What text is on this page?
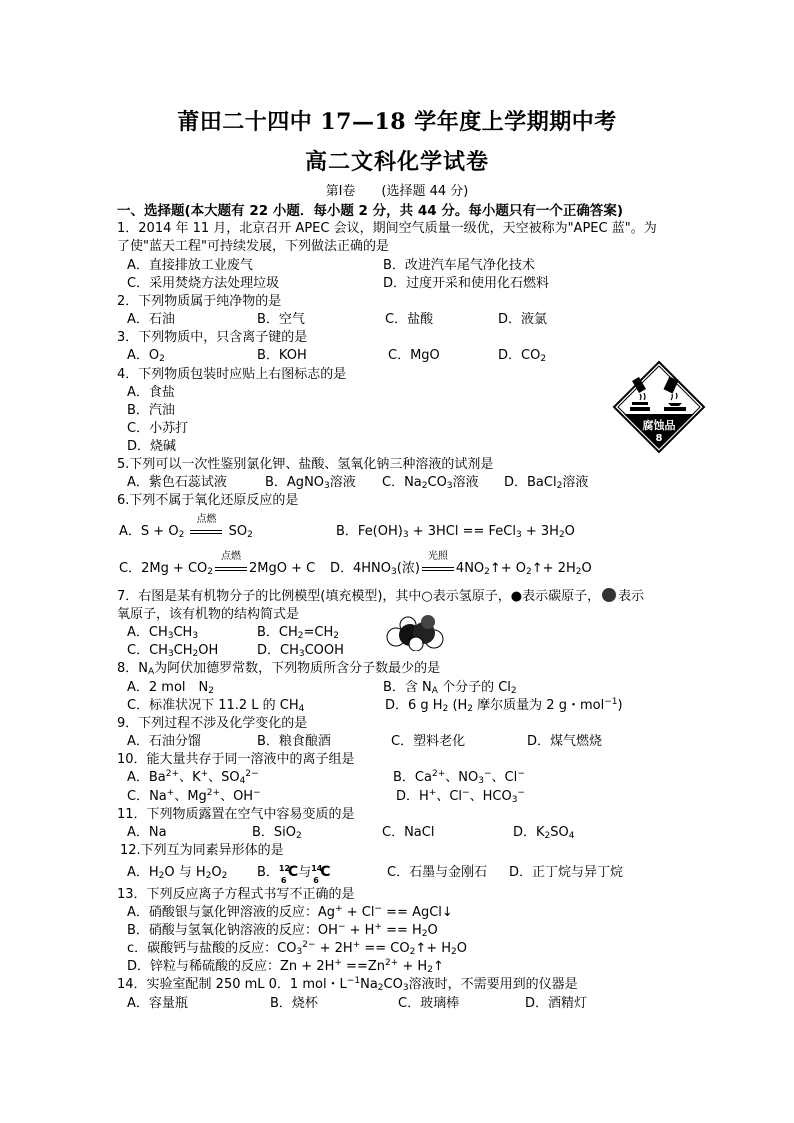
莆田二十四中 17—18 学年度上学期期中考
高二文科化学试卷
第Ⅰ卷　　(选择题 44 分)
一、选择题(本大题有 22 小题．每小题 2 分，共 44 分。每小题只有一个正确答案)
1．2014 年 11 月，北京召开 APEC 会议，期间空气质量一级优，天空被称为"APEC 蓝"。为
了使"蓝天工程"可持续发展，下列做法正确的是
A．直接排放工业废气	B．改进汽车尾气净化技术
C．采用焚烧方法处理垃圾	D．过度开采和使用化石燃料
2．下列物质属于纯净物的是
A．石油	B．空气	C．盐酸	D．液氯
3．下列物质中，只含离子键的是
A．$O_2$	B．KOH	C．MgO	D．$CO_2$
4．下列物质包装时应贴上右图标志的是
A．食盐
B．汽油
C．小苏打
D．烧碱
腐蚀品
8
5.下列可以一次性鉴别氯化钾、盐酸、氢氧化钠三种溶液的试剂是
A．紫色石蕊试液	B．AgNO$_3$溶液 C．$Na_2CO_3$溶液 D．BaCl$_2$溶液
6.下列不属于氧化还原反应的是
A．$S + O_2$
点燃
$SO_2$	B．$Fe(OH)_3 + 3HCl$ == FeCl$_3$ + $3H_2O$
C．$2Mg + CO_2$
点燃
2MgO + C D．$4HNO_3$(浓)
光照
$4NO_2↑+$ $O_2↑+ 2H_2O$
7．右图是某有机物分子的比例模型(填充模型)，其中○表示氢原子，●表示碳原子， 表示
氧原子，该有机物的结构简式是
A．$CH_3CH_3$	B．$CH_2=CH_2$
C．$CH_3CH_2OH$	D．$CH_3COOH$
8．$N_A$为阿伏加德罗常数，下列物质所含分子数最少的是
A．2 mol　$N_2$	B．含 $N_A$ 个分子的 $Cl_2$
C．标准状况下 11.2 L 的 $CH_4$	D．6 g $H_2$ ($H_2$ 摩尔质量为 2 g・mol$^{-1}$)
9．下列过程不涉及化学变化的是
A．石油分馏	B．粮食酿酒	C．塑料老化	D．煤气燃烧
10．能大量共存于同一溶液中的离子组是
A．$Ba^{2+}$、K+、$SO_4^{2-}$	B．$Ca^{2+}$、$NO_3^-$、Cl−
C．Na+、$Mg^{2+}$、OH−	D．H+、Cl−、$HCO_3^-$
11．下列物质露置在空气中容易变质的是
A．Na	B．SiO$_2$	C．NaCl	D．$K_2SO_4$
12.下列互为同素异形体的是
A．$H_2O$ 与 $H_2O_2$ B． 12
6
C与 14
6
C	C．石墨与金刚石 D．正丁烷与异丁烷
13．下列反应离子方程式书写不正确的是
A．硝酸银与氯化钾溶液的反应：Ag+ + Cl− == AgCl↓
B．硝酸与氢氧化钠溶液的反应：$OH^- + H^+ == H_2O$
c．碳酸钙与盐酸的反应：$CO_3^{2-} + 2H^+$ == $CO_2↑+ H_2O$
D．锌粒与稀硫酸的反应：$Zn + 2H^+ ==Zn^{2+}$ + $H_2↑$
14．实验室配制 250 mL 0．1 mol・$L^{-1}Na_2CO_3$溶液时，不需要用到的仪器是
A．容量瓶	B．烧杯	C．玻璃棒	D．酒精灯
